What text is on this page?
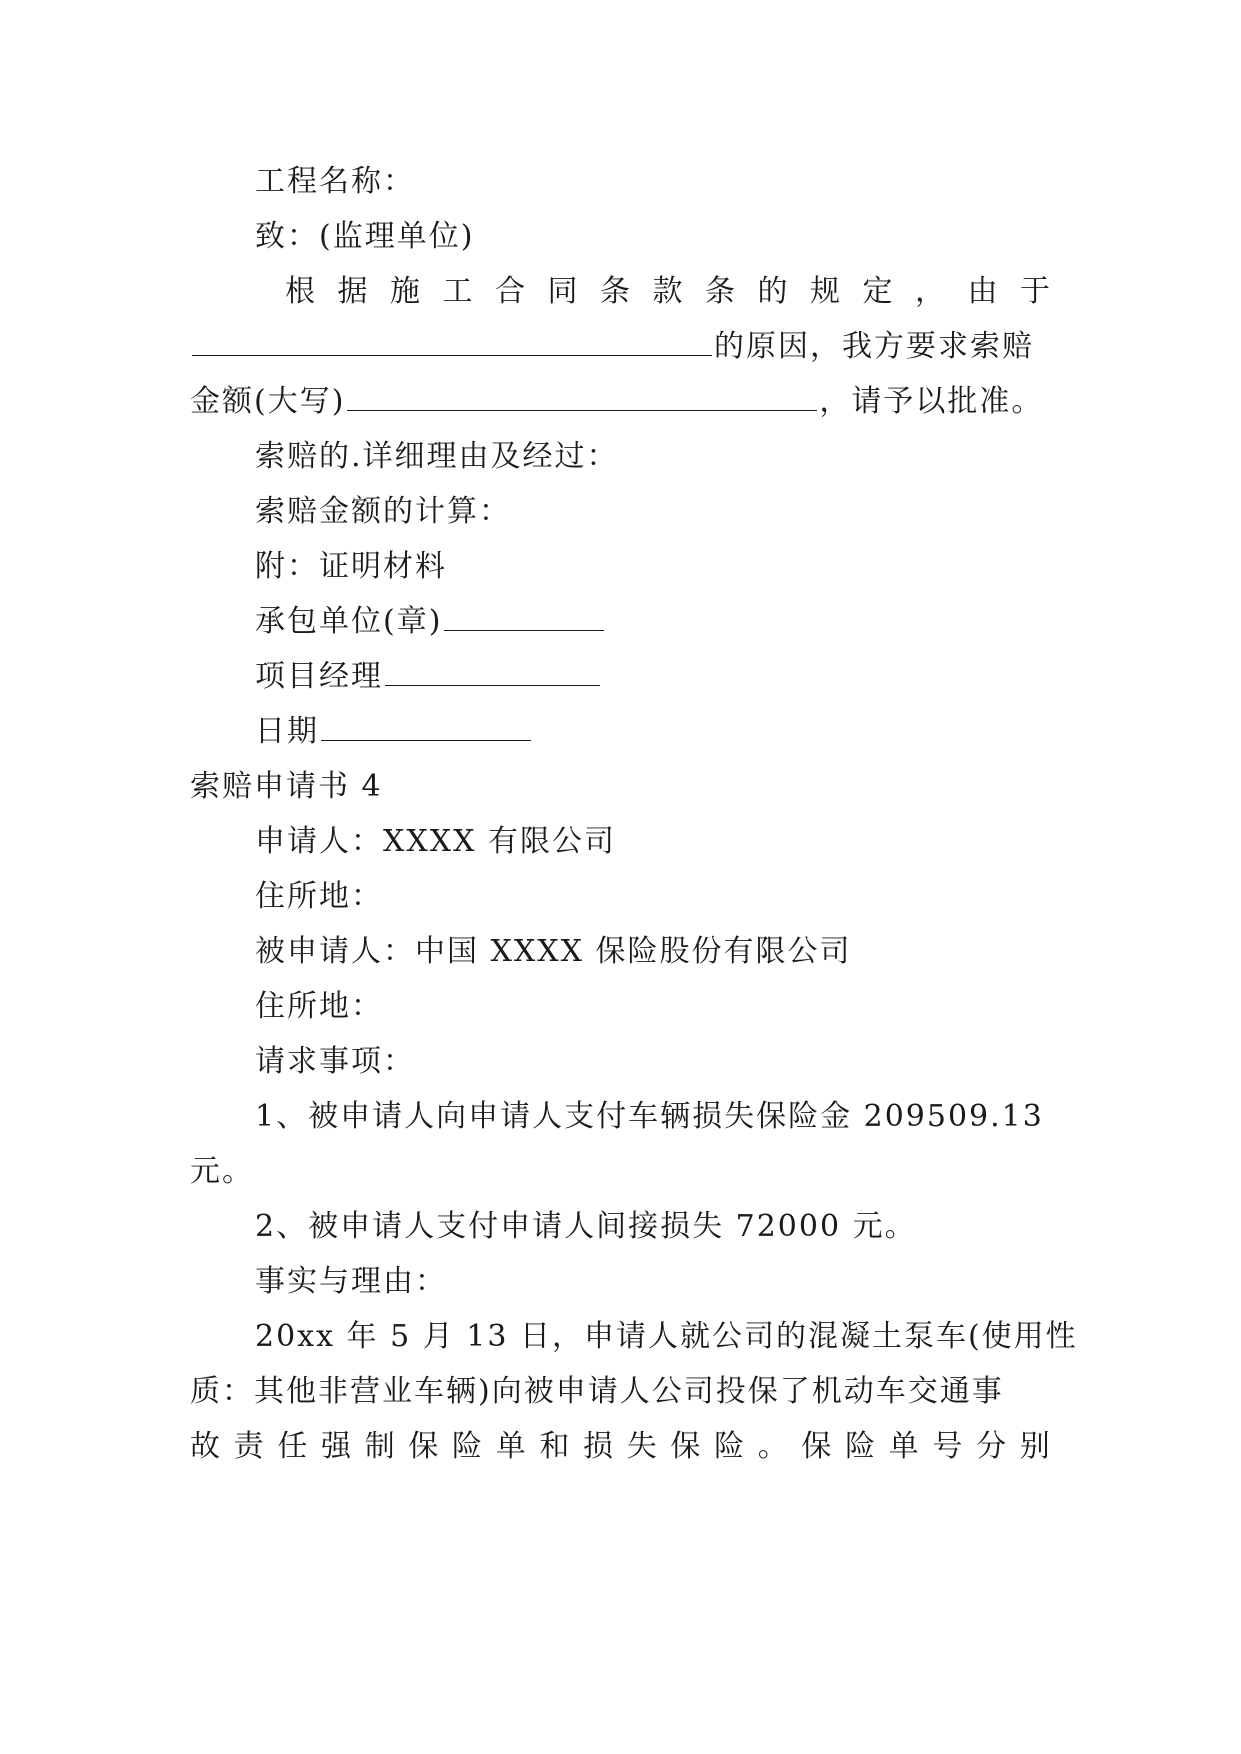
工程名称：
致：(监理单位)
根 据 施 工 合 同 条 款 条 的 规 定 ， 由 于
的原因，我方要求索赔
金额(大写)	，请予以批准。
索赔的.详细理由及经过：
索赔金额的计算：
附：证明材料
承包单位(章)
项目经理
日期
索赔申请书 4
申请人：XXXX 有限公司
住所地：
被申请人：中国 XXXX 保险股份有限公司
住所地：
请求事项：
1、被申请人向申请人支付车辆损失保险金 209509.13
元。
2、被申请人支付申请人间接损失 72000 元。
事实与理由：
20xx 年 5 月 13 日，申请人就公司的混凝土泵车(使用性
质：其他非营业车辆)向被申请人公司投保了机动车交通事
故 责 任 强 制 保 险 单 和 损 失 保 险 。 保 险 单 号 分 别
